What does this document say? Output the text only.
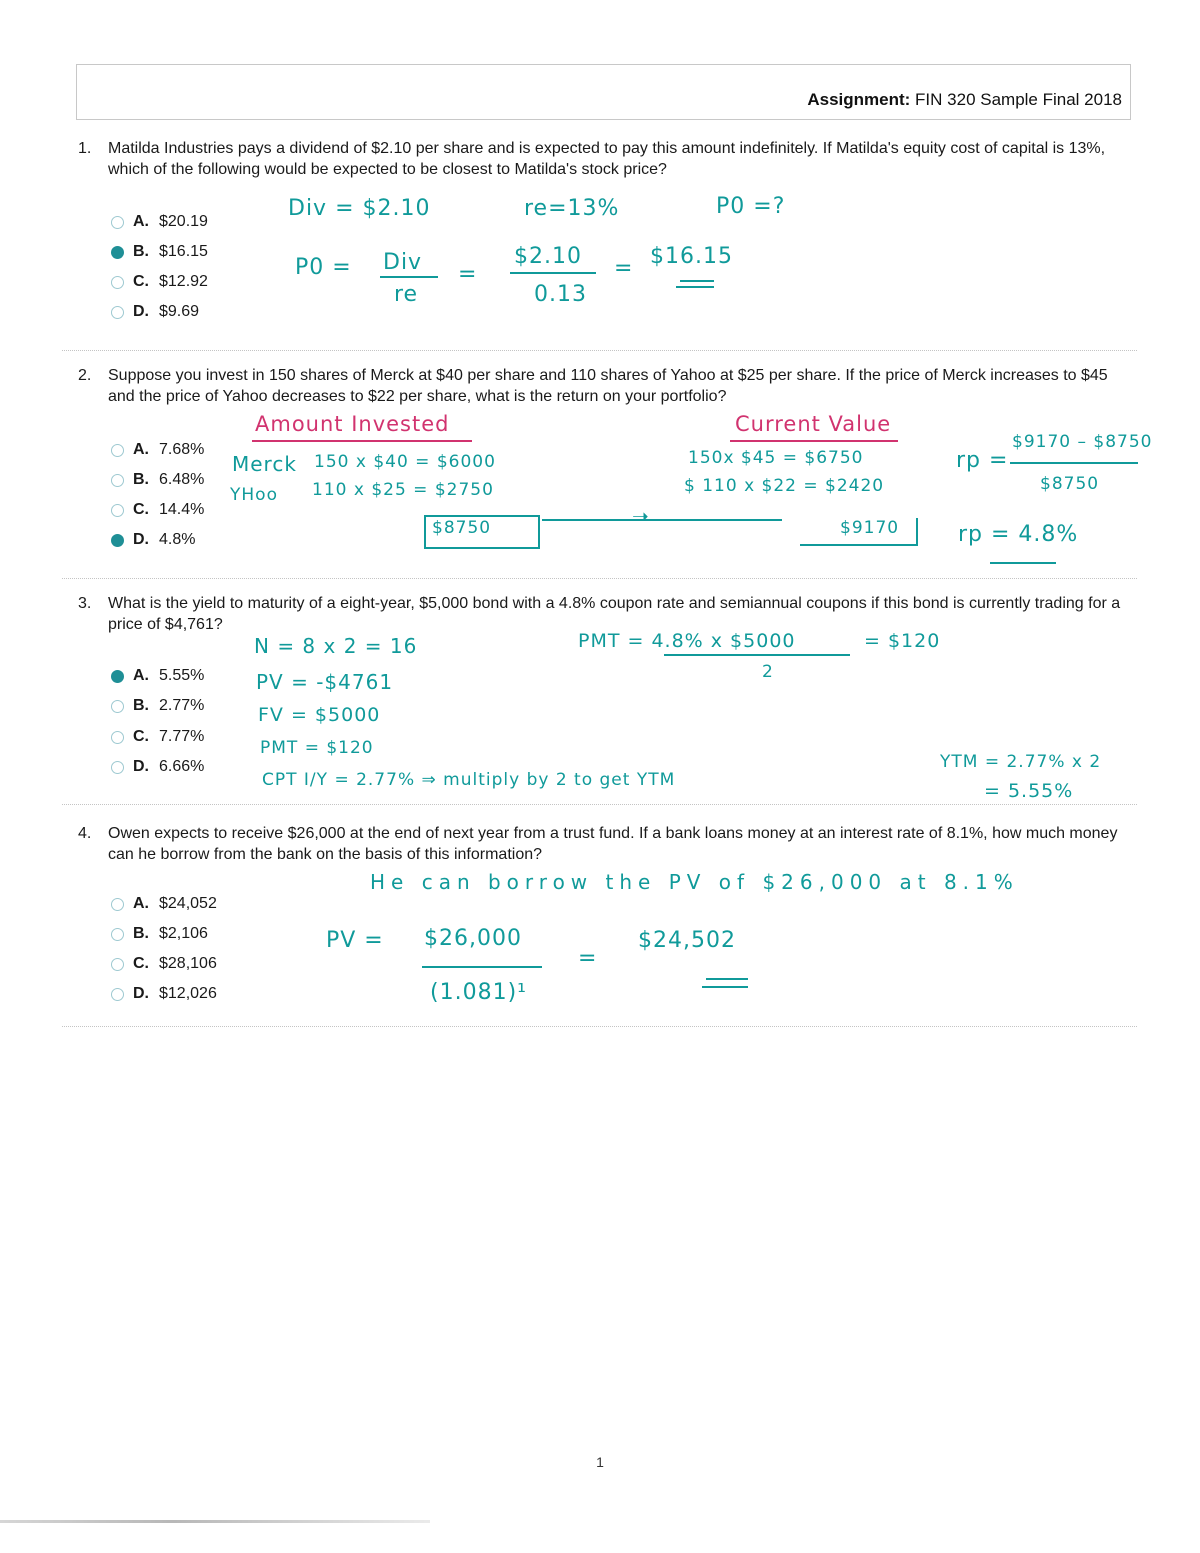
Assignment: FIN 320 Sample Final 2018
1.	Matilda Industries pays a dividend of $2.10 per share and is expected to pay this amount indefinitely. If Matilda's equity cost of capital is 13%, which of the following would be expected to be closest to Matilda's stock price?
A. $20.19
B. $16.15
C. $12.92
D. $9.69
Div = $2.10	re=13%	P0 =?
P0 = Div
re
=
$2.10
0.13
= $16.15
2.	Suppose you invest in 150 shares of Merck at $40 per share and 110 shares of Yahoo at $25 per share. If the price of Merck increases to $45 and the price of Yahoo decreases to $22 per share, what is the return on your portfolio?
A. 7.68%
B. 6.48%
C. 14.4%
D. 4.8%
Amount Invested	Current Value
Merck
YHoo
150 x $40 = $6000
110 x $25 = $2750
$8750	➝
150x $45 = $6750
$ 110 x $22 = $2420
$9170
rp =
$9170 – $8750
$8750
rp = 4.8%
3.	What is the yield to maturity of a eight-year, $5,000 bond with a 4.8% coupon rate and semiannual coupons if this bond is currently trading for a price of $4,761?
A. 5.55%
B. 2.77%
C. 7.77%
D. 6.66%
N = 8 x 2 = 16	PMT = 4.8% x $5000
2
= $120
PV = -$4761
FV = $5000
PMT = $120
CPT I/Y = 2.77% ⇒ multiply by 2 to get YTM
YTM = 2.77% x 2
= 5.55%
4.	Owen expects to receive $26,000 at the end of next year from a trust fund. If a bank loans money at an interest rate of 8.1%, how much money can he borrow from the bank on the basis of this information?
A. $24,052
B. $2,106
C. $28,106
D. $12,026
He can borrow the PV of $26,000 at 8.1%
PV = $26,000
(1.081)¹
=
$24,502
1
